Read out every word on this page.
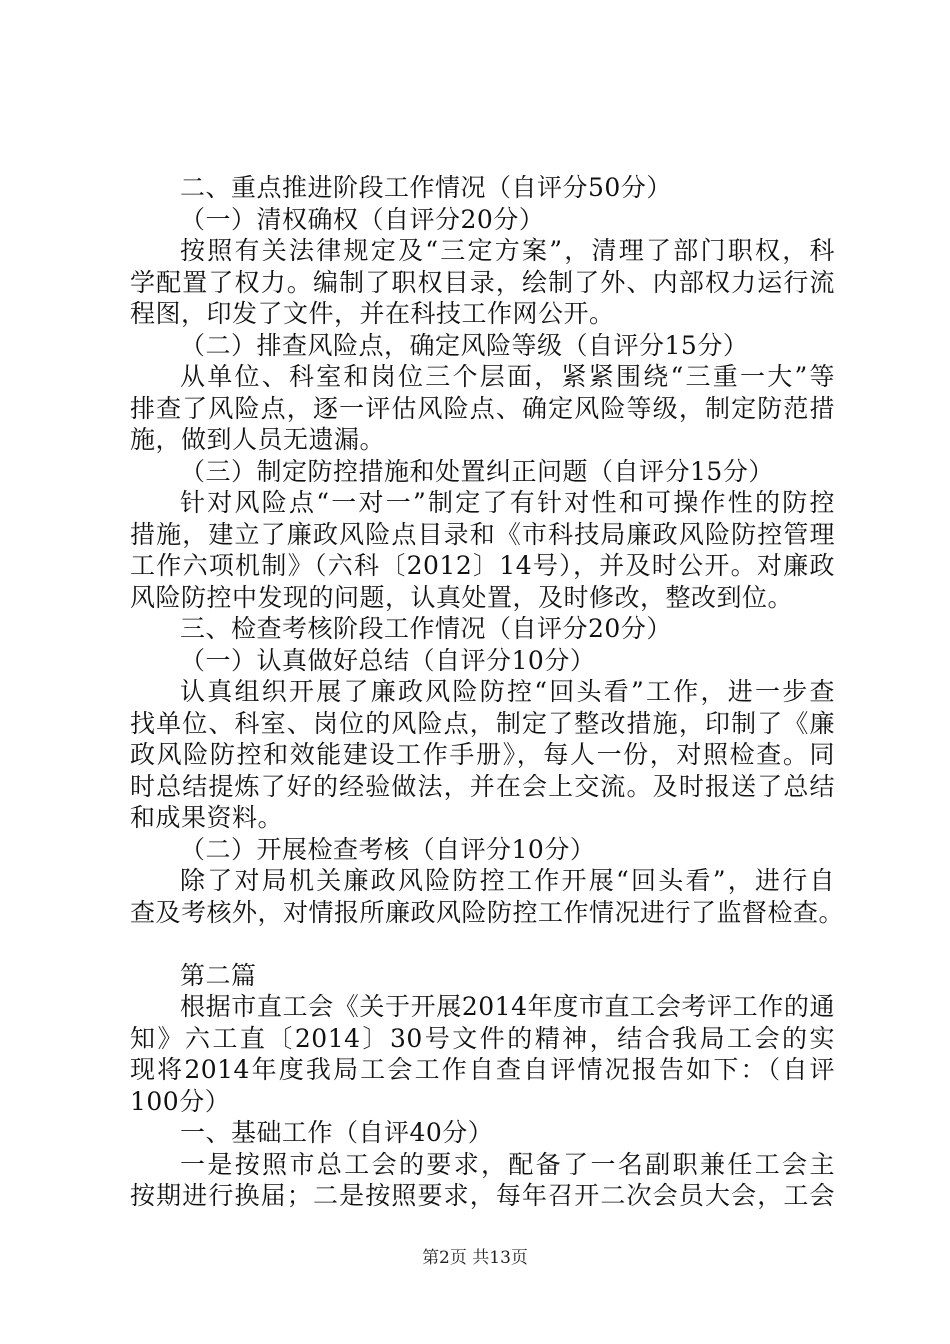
二、重点推进阶段工作情况（自评分50分）
（一）清权确权（自评分20分）
按照有关法律规定及“三定方案”，清理了部门职权，科
学配置了权力。编制了职权目录，绘制了外、内部权力运行流
程图，印发了文件，并在科技工作网公开。
（二）排查风险点，确定风险等级（自评分15分）
从单位、科室和岗位三个层面，紧紧围绕“三重一大”等
排查了风险点，逐一评估风险点、确定风险等级，制定防范措
施，做到人员无遗漏。
（三）制定防控措施和处置纠正问题（自评分15分）
针对风险点“一对一”制定了有针对性和可操作性的防控
措施，建立了廉政风险点目录和《市科技局廉政风险防控管理
工作六项机制》（六科〔2012〕14号），并及时公开。对廉政
风险防控中发现的问题，认真处置，及时修改，整改到位。
三、检查考核阶段工作情况（自评分20分）
（一）认真做好总结（自评分10分）
认真组织开展了廉政风险防控“回头看”工作，进一步查
找单位、科室、岗位的风险点，制定了整改措施，印制了《廉
政风险防控和效能建设工作手册》，每人一份，对照检查。同
时总结提炼了好的经验做法，并在会上交流。及时报送了总结
和成果资料。
（二）开展检查考核（自评分10分）
除了对局机关廉政风险防控工作开展“回头看”，进行自
查及考核外，对情报所廉政风险防控工作情况进行了监督检查。
第二篇
根据市直工会《关于开展2014年度市直工会考评工作的通
知》六工直〔2014〕30号文件的精神，结合我局工会的实
现将2014年度我局工会工作自查自评情况报告如下：（自评
100分）
一、基础工作（自评40分）
一是按照市总工会的要求，配备了一名副职兼任工会主
按期进行换届；二是按照要求，每年召开二次会员大会，工会
第2页 共13页
